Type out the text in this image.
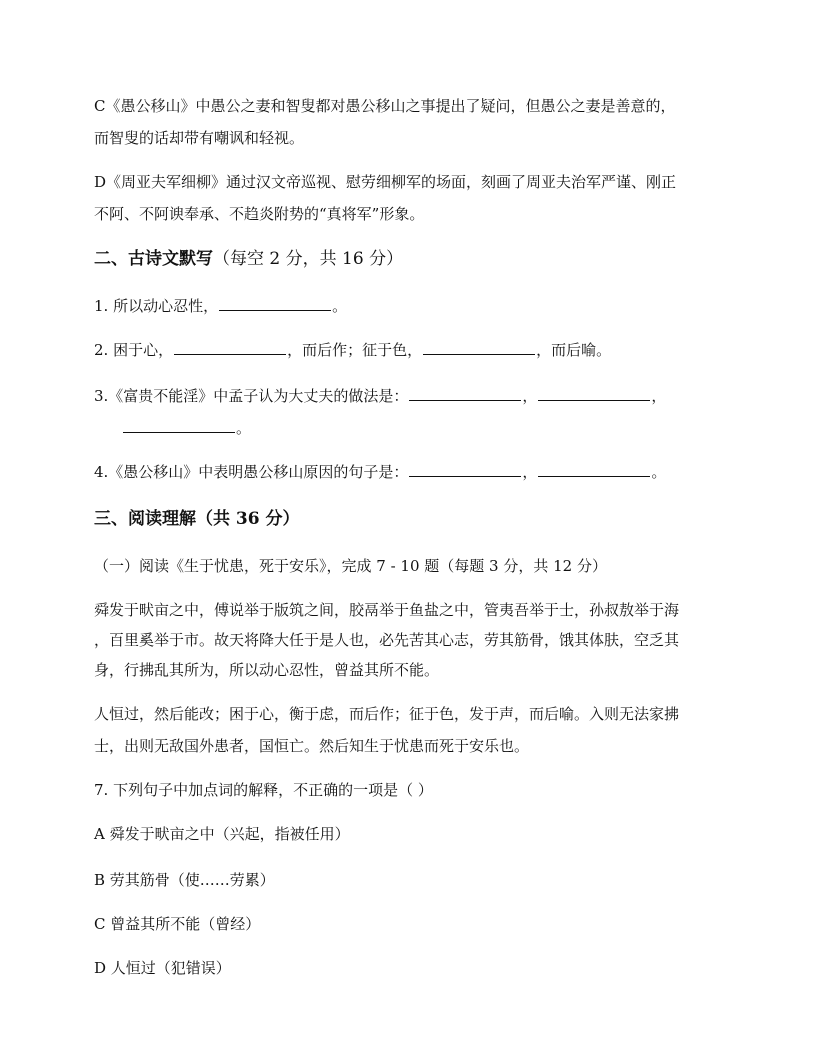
C《愚公移山》中愚公之妻和智叟都对愚公移山之事提出了疑问，但愚公之妻是善意的，
而智叟的话却带有嘲讽和轻视。
D《周亚夫军细柳》通过汉文帝巡视、慰劳细柳军的场面，刻画了周亚夫治军严谨、刚正
不阿、不阿谀奉承、不趋炎附势的“真将军”形象。
二、古诗文默写（每空 2 分，共 16 分）
1. 所以动心忍性，	。
2. 困于心，	，而后作；征于色，	，而后喻。
3.《富贵不能淫》中孟子认为大丈夫的做法是：	，	，
。
4.《愚公移山》中表明愚公移山原因的句子是：	，	。
三、阅读理解（共 36 分）
（一）阅读《生于忧患，死于安乐》，完成 7 - 10 题（每题 3 分，共 12 分）
舜发于畎亩之中，傅说举于版筑之间，胶鬲举于鱼盐之中，管夷吾举于士，孙叔敖举于海
，百里奚举于市。故天将降大任于是人也，必先苦其心志，劳其筋骨，饿其体肤，空乏其
身，行拂乱其所为，所以动心忍性，曾益其所不能。
人恒过，然后能改；困于心，衡于虑，而后作；征于色，发于声，而后喻。入则无法家拂
士，出则无敌国外患者，国恒亡。然后知生于忧患而死于安乐也。
7. 下列句子中加点词的解释，不正确的一项是（ ）
A 舜发于畎亩之中（兴起，指被任用）
B 劳其筋骨（使……劳累）
C 曾益其所不能（曾经）
D 人恒过（犯错误）
